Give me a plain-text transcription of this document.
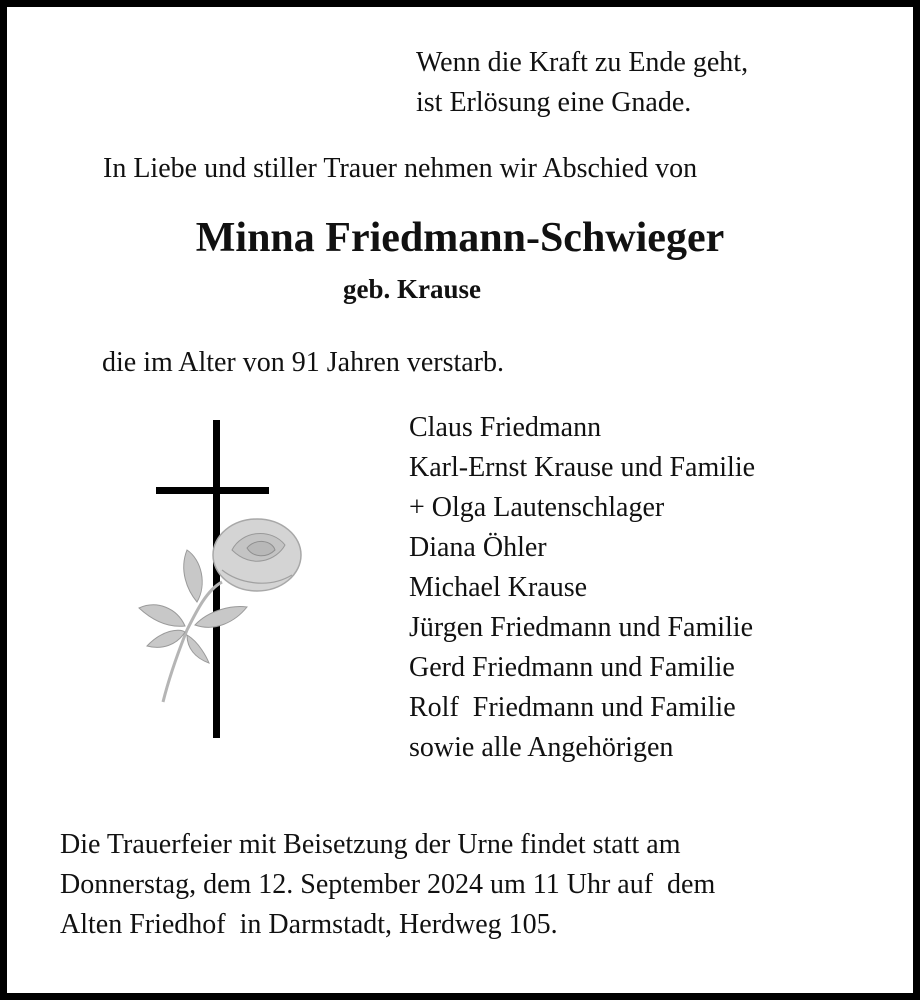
Wenn die Kraft zu Ende geht,
ist Erlösung eine Gnade.
In Liebe und stiller Trauer nehmen wir Abschied von
Minna Friedmann-Schwieger
geb. Krause
die im Alter von 91 Jahren verstarb.
Claus Friedmann
Karl-Ernst Krause und Familie
+ Olga Lautenschlager
Diana Öhler
Michael Krause
Jürgen Friedmann und Familie
Gerd Friedmann und Familie
Rolf  Friedmann und Familie
sowie alle Angehörigen
Die Trauerfeier mit Beisetzung der Urne findet statt am
Donnerstag, dem 12. September 2024 um 11 Uhr auf  dem
Alten Friedhof  in Darmstadt, Herdweg 105.
